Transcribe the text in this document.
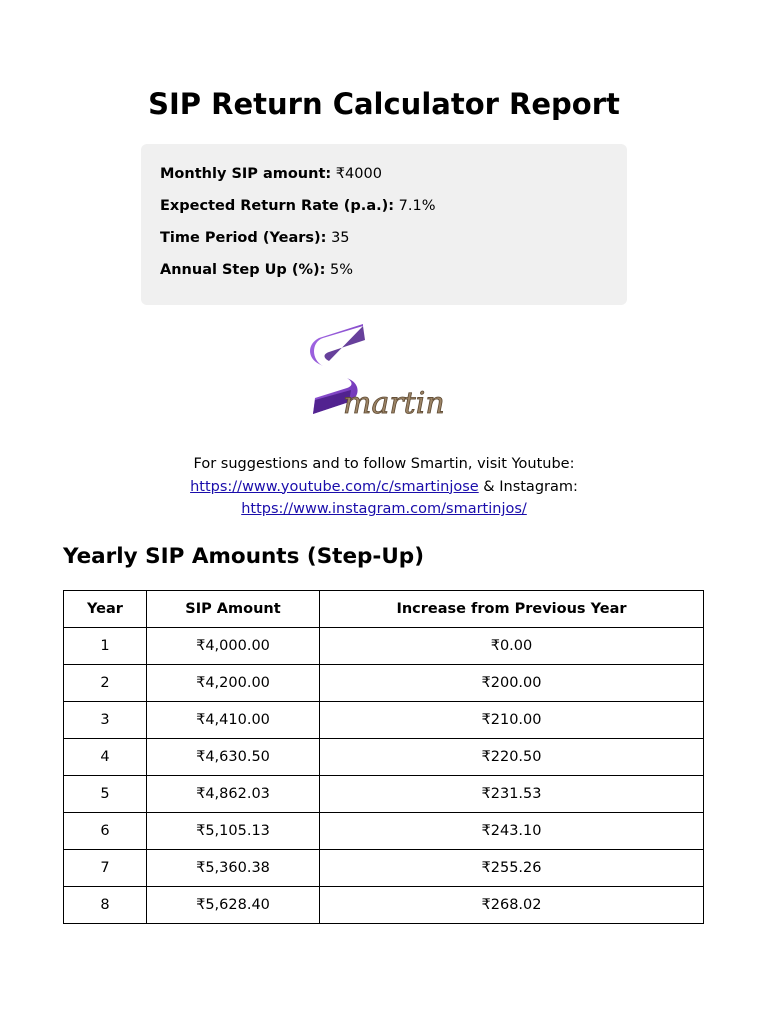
SIP Return Calculator Report
Monthly SIP amount: ₹4000
Expected Return Rate (p.a.): 7.1%
Time Period (Years): 35
Annual Step Up (%): 5%
martin
For suggestions and to follow Smartin, visit Youtube:
https://www.youtube.com/c/smartinjose & Instagram:
https://www.instagram.com/smartinjos/
Yearly SIP Amounts (Step-Up)
Year	SIP Amount	Increase from Previous Year
1	₹4,000.00	₹0.00
2	₹4,200.00	₹200.00
3	₹4,410.00	₹210.00
4	₹4,630.50	₹220.50
5	₹4,862.03	₹231.53
6	₹5,105.13	₹243.10
7	₹5,360.38	₹255.26
8	₹5,628.40	₹268.02
